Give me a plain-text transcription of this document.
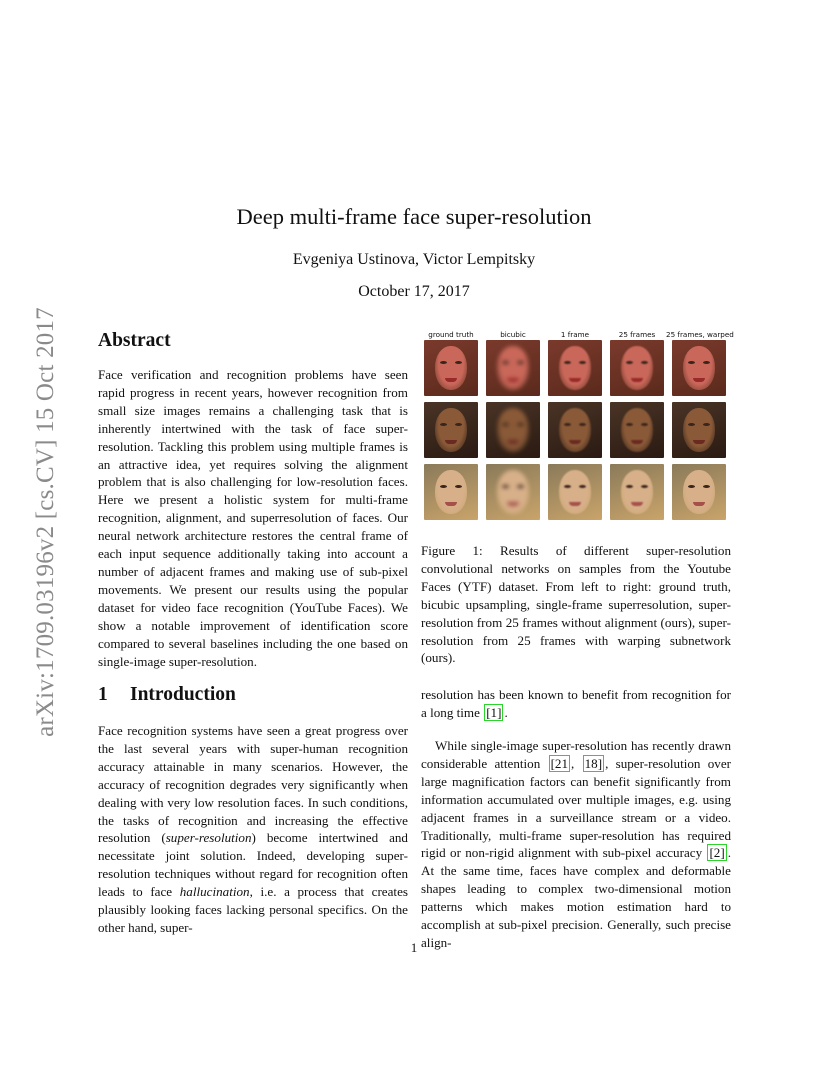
arXiv:1709.03196v2 [cs.CV] 15 Oct 2017
Deep multi-frame face super-resolution
Evgeniya Ustinova, Victor Lempitsky
October 17, 2017
Abstract
Face verification and recognition problems have seen rapid progress in recent years, however recognition from small size images remains a challenging task that is inherently intertwined with the task of face super-resolution. Tackling this problem using multiple frames is an attractive idea, yet requires solving the alignment problem that is also challenging for low-resolution faces. Here we present a holistic system for multi-frame recognition, alignment, and superresolution of faces. Our neural network architecture restores the central frame of each input sequence additionally taking into account a number of adjacent frames and making use of sub-pixel movements. We present our results using the popular dataset for video face recognition (YouTube Faces). We show a notable improvement of identification score compared to several baselines including the one based on single-image super-resolution.
ground truth	bicubic	1 frame	25 frames	25 frames, warped
Figure 1: Results of different super-resolution convolutional networks on samples from the Youtube Faces (YTF) dataset. From left to right: ground truth, bicubic upsampling, single-frame superresolution, super-resolution from 25 frames without alignment (ours), super-resolution from 25 frames with warping subnetwork (ours).
1 Introduction
Face recognition systems have seen a great progress over the last several years with super-human recognition accuracy attainable in many scenarios. However, the accuracy of recognition degrades very significantly when dealing with very low resolution faces. In such conditions, the tasks of recognition and increasing the effective resolution (super-resolution) become intertwined and necessitate joint solution. Indeed, developing super-resolution techniques without regard for recognition often leads to face hallucination, i.e. a process that creates plausibly looking faces lacking personal specifics. On the other hand, super-
resolution has been known to benefit from recognition for a long time [1] .
While single-image super-resolution has recently drawn considerable attention [21 , 18] , super-resolution over large magnification factors can benefit significantly from information accumulated over multiple images, e.g. using adjacent frames in a surveillance stream or a video. Traditionally, multi-frame super-resolution has required rigid or non-rigid alignment with sub-pixel accuracy [2] . At the same time, faces have complex and deformable shapes leading to complex two-dimensional motion patterns which makes motion estimation hard to accomplish at sub-pixel precision. Generally, such precise align-
1
